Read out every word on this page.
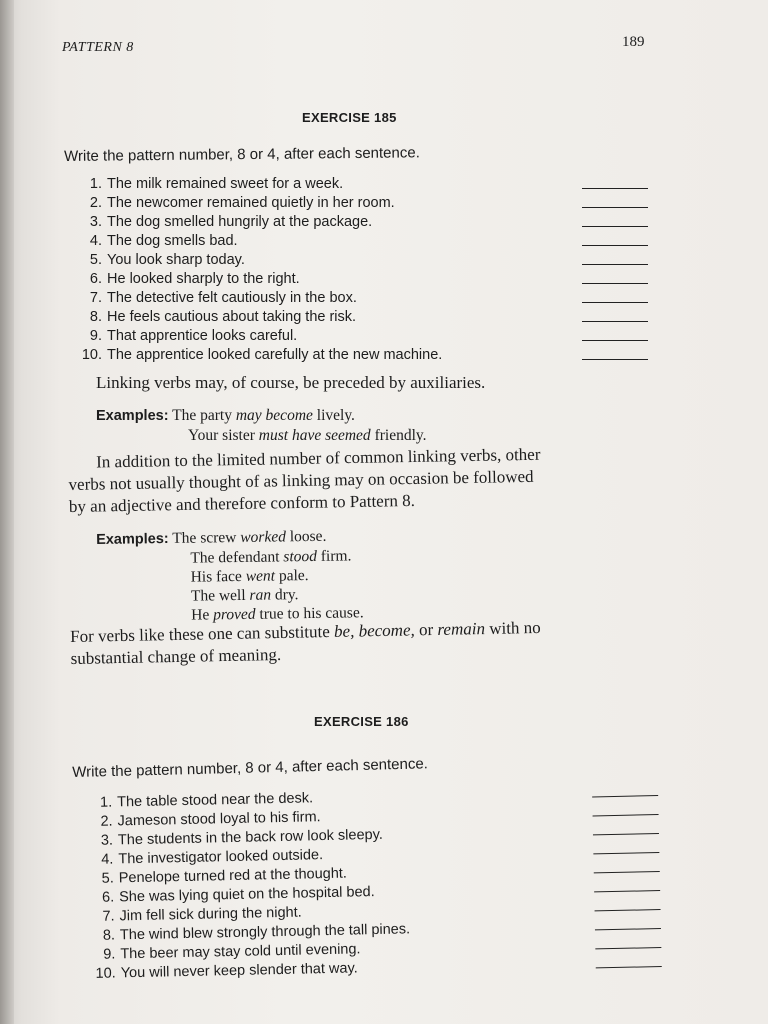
PATTERN 8	189
EXERCISE 185
Write the pattern number, 8 or 4, after each sentence.
1. The milk remained sweet for a week.
2. The newcomer remained quietly in her room.
3. The dog smelled hungrily at the package.
4. The dog smells bad.
5. You look sharp today.
6. He looked sharply to the right.
7. The detective felt cautiously in the box.
8. He feels cautious about taking the risk.
9. That apprentice looks careful.
10. The apprentice looked carefully at the new machine.
Linking verbs may, of course, be preceded by auxiliaries.
Examples: The party may become lively.
Your sister must have seemed friendly.
In addition to the limited number of common linking verbs, other
verbs not usually thought of as linking may on occasion be followed
by an adjective and therefore conform to Pattern 8.
Examples: The screw worked loose.
The defendant stood firm.
His face went pale.
The well ran dry.
He proved true to his cause.
For verbs like these one can substitute be, become, or remain with no
substantial change of meaning.
EXERCISE 186
Write the pattern number, 8 or 4, after each sentence.
1. The table stood near the desk.
2. Jameson stood loyal to his firm.
3. The students in the back row look sleepy.
4. The investigator looked outside.
5. Penelope turned red at the thought.
6. She was lying quiet on the hospital bed.
7. Jim fell sick during the night.
8. The wind blew strongly through the tall pines.
9. The beer may stay cold until evening.
10. You will never keep slender that way.
